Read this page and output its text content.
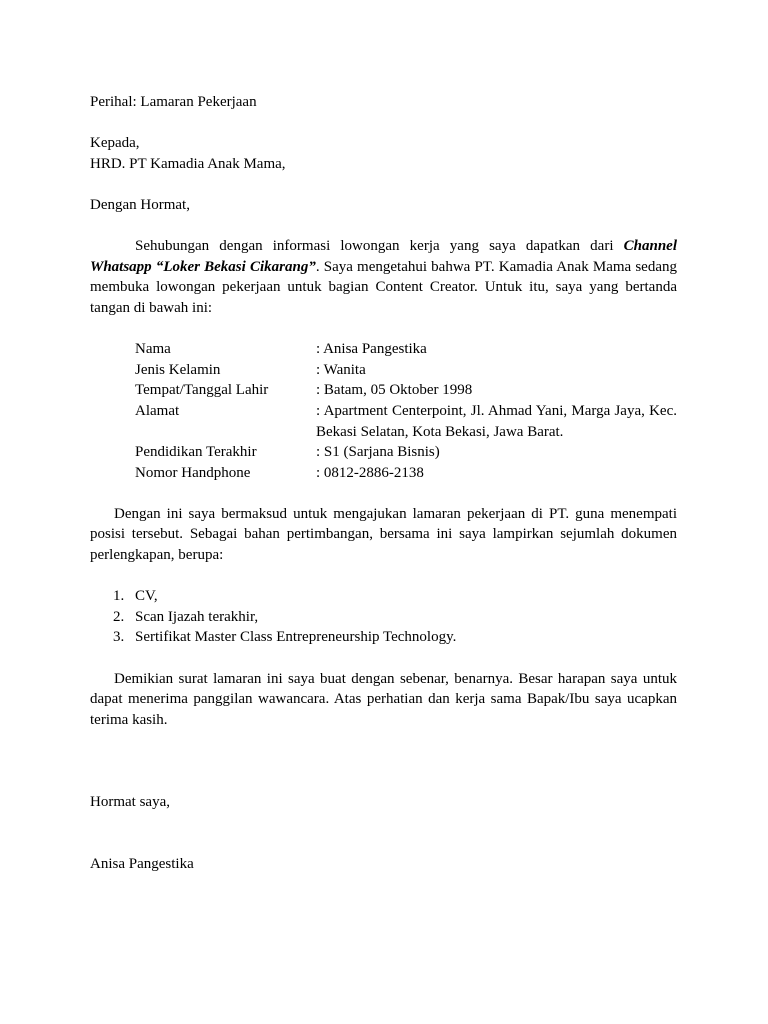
Perihal: Lamaran Pekerjaan

Kepada,

HRD. PT Kamadia Anak Mama,

Dengan Hormat,

Sehubungan dengan informasi lowongan kerja yang saya dapatkan dari Channel Whatsapp “Loker Bekasi Cikarang”. Saya mengetahui bahwa PT. Kamadia Anak Mama sedang membuka lowongan pekerjaan untuk bagian Content Creator. Untuk itu, saya yang bertanda tangan di bawah ini:

Nama	: Anisa Pangestika
Jenis Kelamin	: Wanita
Tempat/Tanggal Lahir	: Batam, 05 Oktober 1998
Alamat	: Apartment Centerpoint, Jl. Ahmad Yani, Marga Jaya, Kec. Bekasi Selatan, Kota Bekasi, Jawa Barat.
Pendidikan Terakhir	: S1 (Sarjana Bisnis)
Nomor Handphone	: 0812-2886-2138

Dengan ini saya bermaksud untuk mengajukan lamaran pekerjaan di PT. guna menempati posisi tersebut. Sebagai bahan pertimbangan, bersama ini saya lampirkan sejumlah dokumen perlengkapan, berupa:

1. CV,
2. Scan Ijazah terakhir,
3. Sertifikat Master Class Entrepreneurship Technology.

Demikian surat lamaran ini saya buat dengan sebenar, benarnya. Besar harapan saya untuk dapat menerima panggilan wawancara. Atas perhatian dan kerja sama Bapak/Ibu saya ucapkan terima kasih.

Hormat saya,

Anisa Pangestika
